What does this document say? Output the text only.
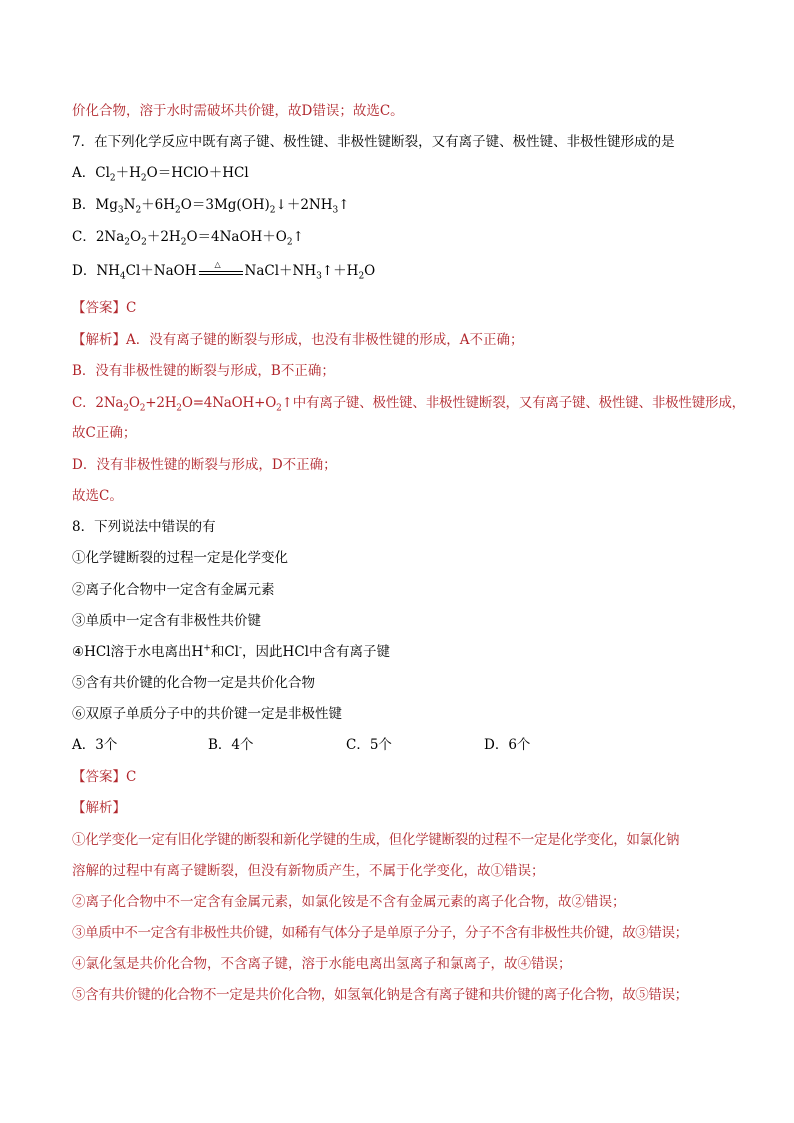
价化合物，溶于水时需破坏共价键，故D错误；故选C。
7．在下列化学反应中既有离子键、极性键、非极性键断裂，又有离子键、极性键、非极性键形成的是
A．$Cl_2+H_2O=HClO+HCl$
B．$Mg_3N_2+6H_2O=3Mg(OH)_2↓+2NH_3↑$
C．$2Na_2O_2+2H_2O=4NaOH+O_2↑$
D．$NH_4Cl+NaOH$ △ $NaCl+NH_3↑+H_2O$
【答案】C
【解析】A．没有离子键的断裂与形成，也没有非极性键的形成，A不正确；
B．没有非极性键的断裂与形成，B不正确；
C．$2Na_2O_2+2H_2O=4NaOH+O_2↑$中有离子键、极性键、非极性键断裂，又有离子键、极性键、非极性键形成，
故C正确；
D．没有非极性键的断裂与形成，D不正确；
故选C。
8．下列说法中错误的有
①化学键断裂的过程一定是化学变化
②离子化合物中一定含有金属元素
③单质中一定含有非极性共价键
④HCl溶于水电离出H+和Cl-，因此HCl中含有离子键
⑤含有共价键的化合物一定是共价化合物
⑥双原子单质分子中的共价键一定是非极性键
A．3个	B．4个	C．5个	D．6个
【答案】C
【解析】
①化学变化一定有旧化学键的断裂和新化学键的生成，但化学键断裂的过程不一定是化学变化，如氯化钠
溶解的过程中有离子键断裂，但没有新物质产生，不属于化学变化，故①错误；
②离子化合物中不一定含有金属元素，如氯化铵是不含有金属元素的离子化合物，故②错误；
③单质中不一定含有非极性共价键，如稀有气体分子是单原子分子，分子不含有非极性共价键，故③错误；
④氯化氢是共价化合物，不含离子键，溶于水能电离出氢离子和氯离子，故④错误；
⑤含有共价键的化合物不一定是共价化合物，如氢氧化钠是含有离子键和共价键的离子化合物，故⑤错误；
